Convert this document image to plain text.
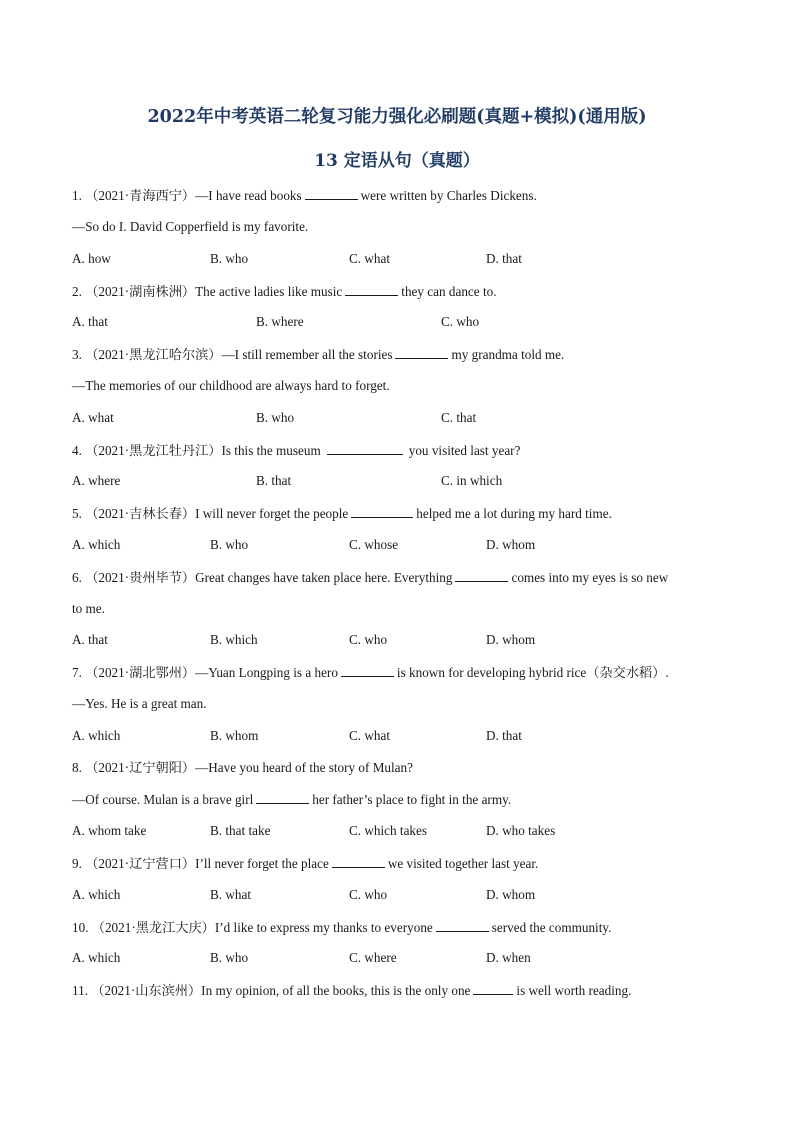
2022年中考英语二轮复习能力强化必刷题(真题+模拟)(通用版)
13 定语从句（真题）
1. （2021·青海西宁）—I have read books	were written by Charles Dickens.
—So do I. David Copperfield is my favorite.
A. how	B. who	C. what	D. that
2. （2021·湖南株洲）The active ladies like music	they can dance to.
A. that	B. where	C. who
3. （2021·黑龙江哈尔滨）—I still remember all the stories	my grandma told me.
—The memories of our childhood are always hard to forget.
A. what	B. who	C. that
4. （2021·黑龙江牡丹江）Is this the museum	you visited last year?
A. where	B. that	C. in which
5. （2021·吉林长春）I will never forget the people	helped me a lot during my hard time.
A. which	B. who	C. whose	D. whom
6. （2021·贵州毕节）Great changes have taken place here. Everything	comes into my eyes is so new
to me.
A. that	B. which	C. who	D. whom
7. （2021·湖北鄂州）—Yuan Longping is a hero	is known for developing hybrid rice（杂交水稻）.
—Yes. He is a great man.
A. which	B. whom	C. what	D. that
8. （2021·辽宁朝阳）—Have you heard of the story of Mulan?
—Of course. Mulan is a brave girl	her father’s place to fight in the army.
A. whom take	B. that take	C. which takes	D. who takes
9. （2021·辽宁营口）I’ll never forget the place	we visited together last year.
A. which	B. what	C. who	D. whom
10. （2021·黑龙江大庆）I’d like to express my thanks to everyone	served the community.
A. which	B. who	C. where	D. when
11. （2021·山东滨州）In my opinion, of all the books, this is the only one	is well worth reading.
